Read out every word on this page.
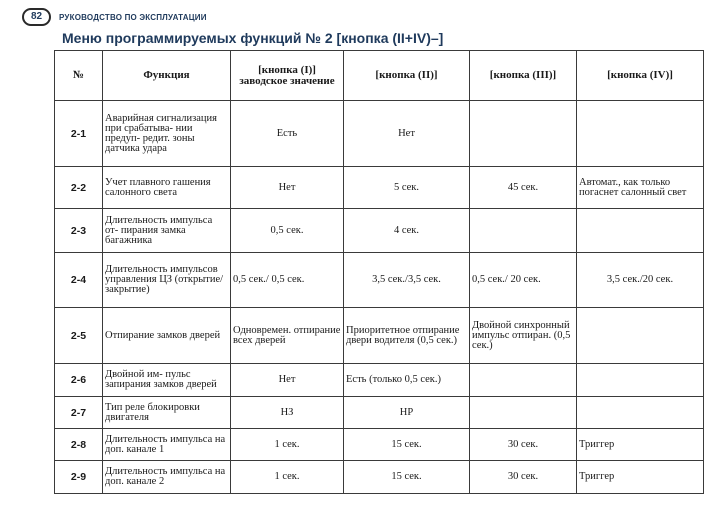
82	РУКОВОДСТВО ПО ЭКСПЛУАТАЦИИ
Меню программируемых функций № 2 [кнопка (II+IV)–]
№	Функция	[кнопка (I)] заводское значение	[кнопка (II)]	[кнопка (III)]	[кнопка (IV)]
2-1	Аварийная сигнализация при срабатыва- нии предуп- редит. зоны датчика удара	Есть	Нет		
2-2	Учет плавного гашения салонного света	Нет	5 сек.	45 сек.	Автомат., как только погаснет салонный свет
2-3	Длительность импульса от- пирания замка багажника	0,5 сек.	4 сек.		
2-4	Длительность импульсов управления ЦЗ (открытие/ закрытие)	0,5 сек./ 0,5 сек.	3,5 сек./3,5 сек.	0,5 сек./ 20 сек.	3,5 сек./20 сек.
2-5	Отпирание замков дверей	Одновремен. отпирание всех дверей	Приоритетное отпирание двери водителя (0,5 сек.)	Двойной синхронный импульс отпиран. (0,5 сек.)	
2-6	Двойной им- пульс запирания замков дверей	Нет	Есть (только 0,5 сек.)		
2-7	Тип реле блокировки двигателя	НЗ	НР		
2-8	Длительность импульса на доп. канале 1	1 сек.	15 сек.	30 сек.	Триггер
2-9	Длительность импульса на доп. канале 2	1 сек.	15 сек.	30 сек.	Триггер
